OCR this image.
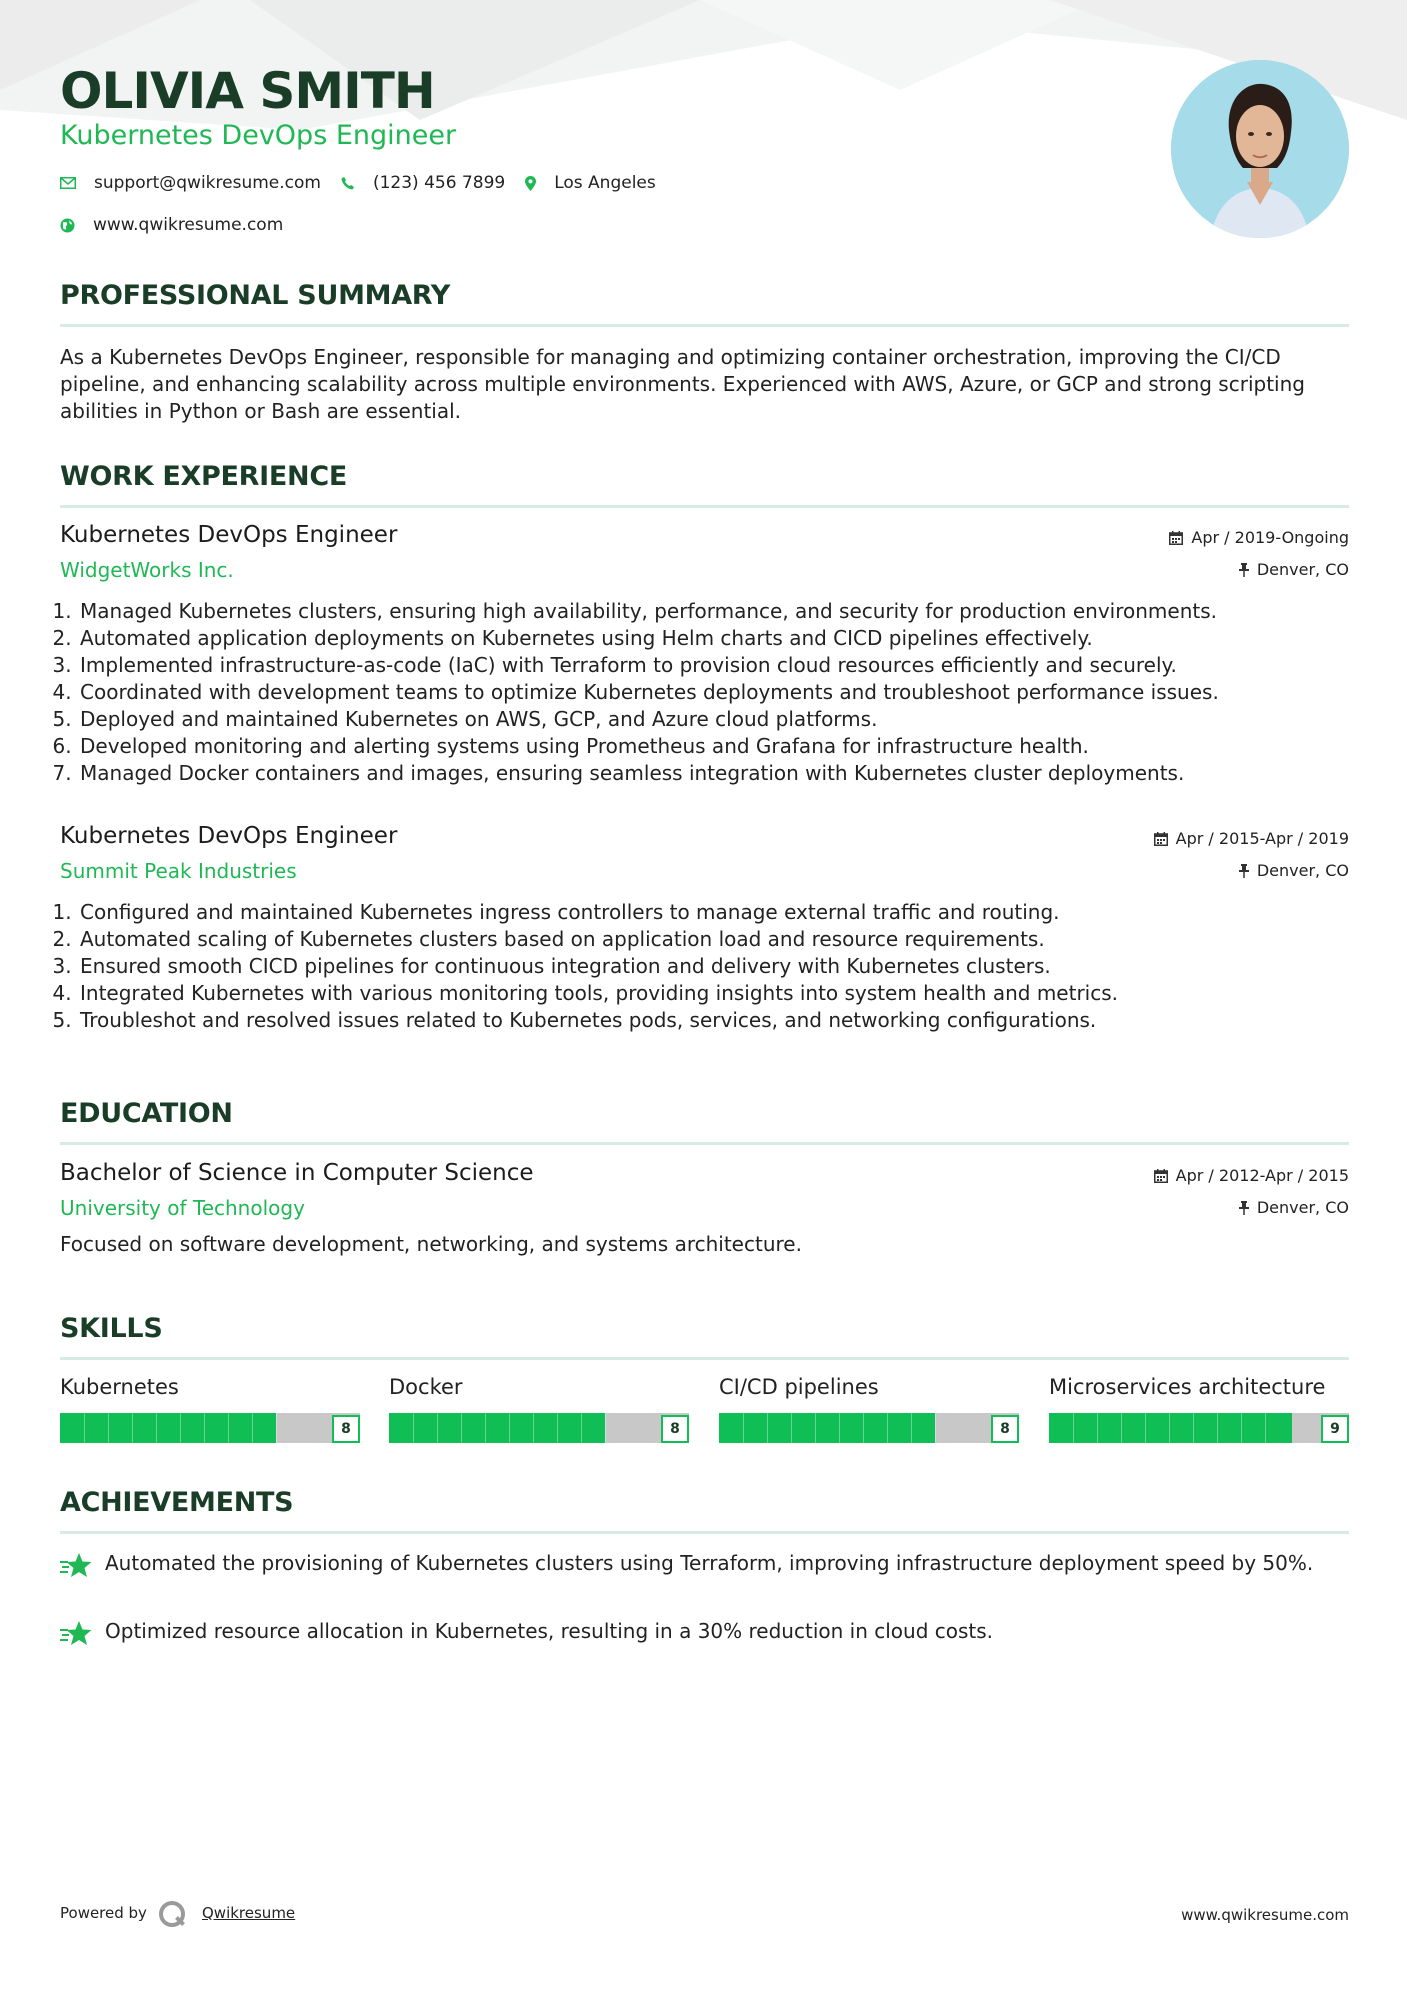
OLIVIA SMITH
Kubernetes DevOps Engineer
support@qwikresume.com	(123) 456 7899	Los Angeles
www.qwikresume.com
PROFESSIONAL SUMMARY
As a Kubernetes DevOps Engineer, responsible for managing and optimizing container orchestration, improving the CI/CD pipeline, and enhancing scalability across multiple environments. Experienced with AWS, Azure, or GCP and strong scripting abilities in Python or Bash are essential.
WORK EXPERIENCE
Kubernetes DevOps Engineer
WidgetWorks Inc.
Apr / 2019-Ongoing
Denver, CO
1. Managed Kubernetes clusters, ensuring high availability, performance, and security for production environments.
2. Automated application deployments on Kubernetes using Helm charts and CICD pipelines effectively.
3. Implemented infrastructure-as-code (IaC) with Terraform to provision cloud resources efficiently and securely.
4. Coordinated with development teams to optimize Kubernetes deployments and troubleshoot performance issues.
5. Deployed and maintained Kubernetes on AWS, GCP, and Azure cloud platforms.
6. Developed monitoring and alerting systems using Prometheus and Grafana for infrastructure health.
7. Managed Docker containers and images, ensuring seamless integration with Kubernetes cluster deployments.
Kubernetes DevOps Engineer
Summit Peak Industries
Apr / 2015-Apr / 2019
Denver, CO
1. Configured and maintained Kubernetes ingress controllers to manage external traffic and routing.
2. Automated scaling of Kubernetes clusters based on application load and resource requirements.
3. Ensured smooth CICD pipelines for continuous integration and delivery with Kubernetes clusters.
4. Integrated Kubernetes with various monitoring tools, providing insights into system health and metrics.
5. Troubleshot and resolved issues related to Kubernetes pods, services, and networking configurations.
EDUCATION
Bachelor of Science in Computer Science
University of Technology
Apr / 2012-Apr / 2015
Denver, CO
Focused on software development, networking, and systems architecture.
SKILLS
Kubernetes
8
Docker
8
CI/CD pipelines
8
Microservices architecture
9
ACHIEVEMENTS
Automated the provisioning of Kubernetes clusters using Terraform, improving infrastructure deployment speed by 50%.
Optimized resource allocation in Kubernetes, resulting in a 30% reduction in cloud costs.
Powered by	Qwikresume	www.qwikresume.com
